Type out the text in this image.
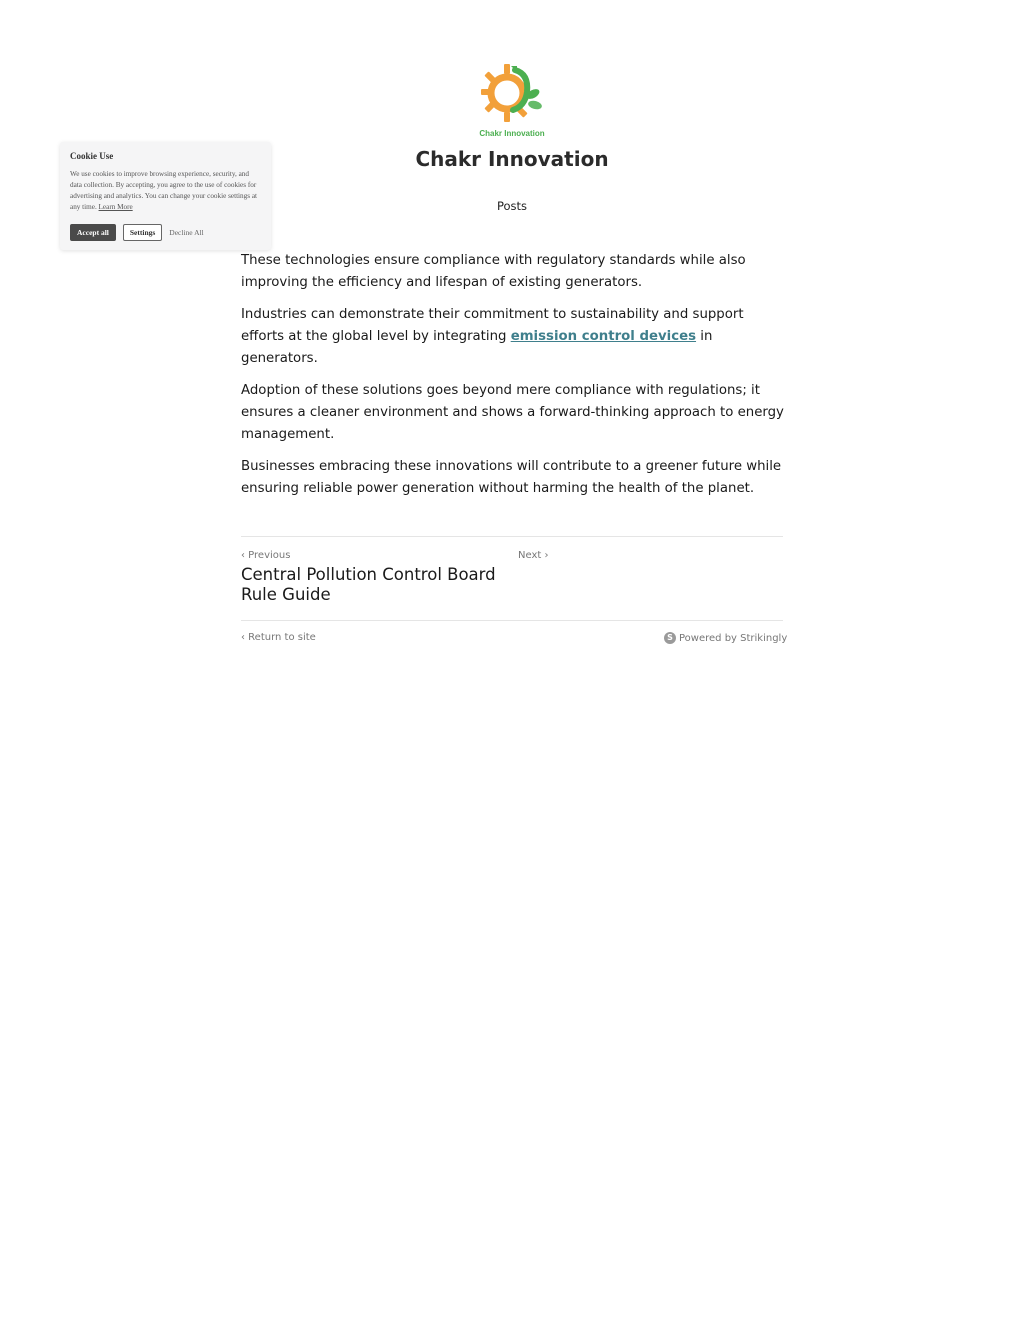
Chakr Innovation
Chakr Innovation
Posts

These technologies ensure compliance with regulatory standards while also improving the efficiency and lifespan of existing generators.

Industries can demonstrate their commitment to sustainability and support efforts at the global level by integrating emission control devices in generators.

Adoption of these solutions goes beyond mere compliance with regulations; it ensures a cleaner environment and shows a forward-thinking approach to energy management.

Businesses embracing these innovations will contribute to a greener future while ensuring reliable power generation without harming the health of the planet.

‹ Previous	Next ›
Central Pollution Control Board Rule Guide
‹ Return to site	S Powered by Strikingly
Cookie Use
We use cookies to improve browsing experience, security, and data collection. By accepting, you agree to the use of cookies for advertising and analytics. You can change your cookie settings at any time. Learn More
Accept all	Settings	Decline All
